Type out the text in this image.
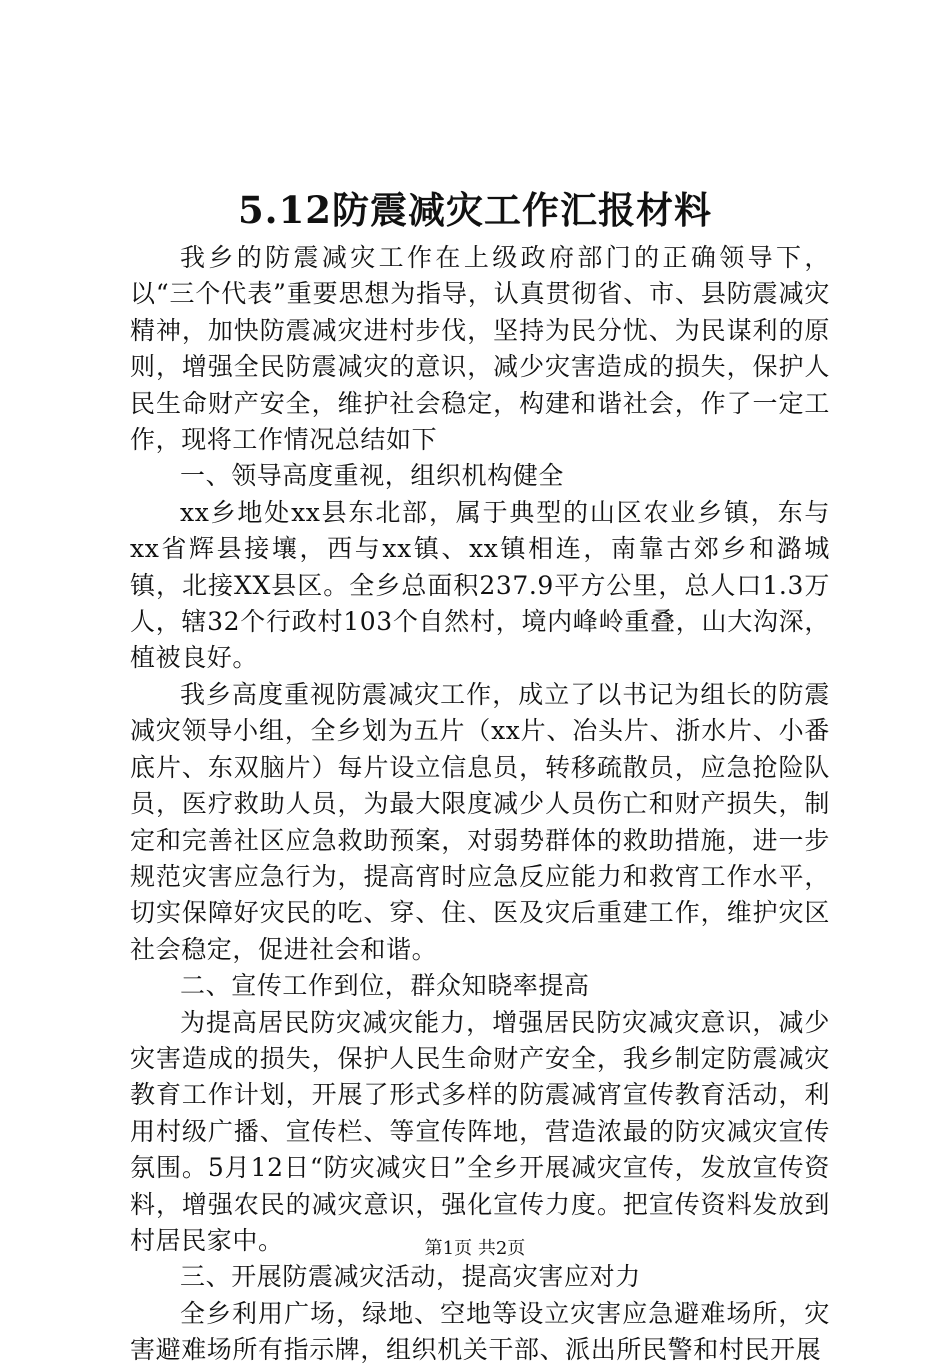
5.12防震减灾工作汇报材料

我乡的防震减灾工作在上级政府部门的正确领导下，以“三个代表”重要思想为指导，认真贯彻省、市、县防震减灾精神，加快防震减灾进村步伐，坚持为民分忧、为民谋利的原则，增强全民防震减灾的意识，减少灾害造成的损失，保护人民生命财产安全，维护社会稳定，构建和谐社会，作了一定工作，现将工作情况总结如下

一、领导高度重视，组织机构健全

xx乡地处xx县东北部，属于典型的山区农业乡镇，东与xx省辉县接壤，西与xx镇、xx镇相连，南靠古郊乡和潞城镇，北接XX县区。全乡总面积237.9平方公里，总人口1.3万人，辖32个行政村103个自然村，境内峰岭重叠，山大沟深，植被良好。

我乡高度重视防震减灾工作，成立了以书记为组长的防震减灾领导小组，全乡划为五片（xx片、冶头片、浙水片、小番底片、东双脑片）每片设立信息员，转移疏散员，应急抢险队员，医疗救助人员，为最大限度减少人员伤亡和财产损失，制定和完善社区应急救助预案，对弱势群体的救助措施，进一步规范灾害应急行为，提高宵时应急反应能力和救宵工作水平，切实保障好灾民的吃、穿、住、医及灾后重建工作，维护灾区社会稳定，促进社会和谐。

二、宣传工作到位，群众知晓率提高

为提高居民防灾减灾能力，增强居民防灾减灾意识，减少灾害造成的损失，保护人民生命财产安全，我乡制定防震减灾教育工作计划，开展了形式多样的防震减宵宣传教育活动，利用村级广播、宣传栏、等宣传阵地，营造浓最的防灾减灾宣传氛围。5月12日“防灾减灾日”全乡开展减灾宣传，发放宣传资料，增强农民的减灾意识，强化宣传力度。把宣传资料发放到村居民家中。

三、开展防震减灾活动，提高灾害应对力

全乡利用广场，绿地、空地等设立灾害应急避难场所，灾害避难场所有指示牌，组织机关干部、派出所民警和村民开展

第1页 共2页
